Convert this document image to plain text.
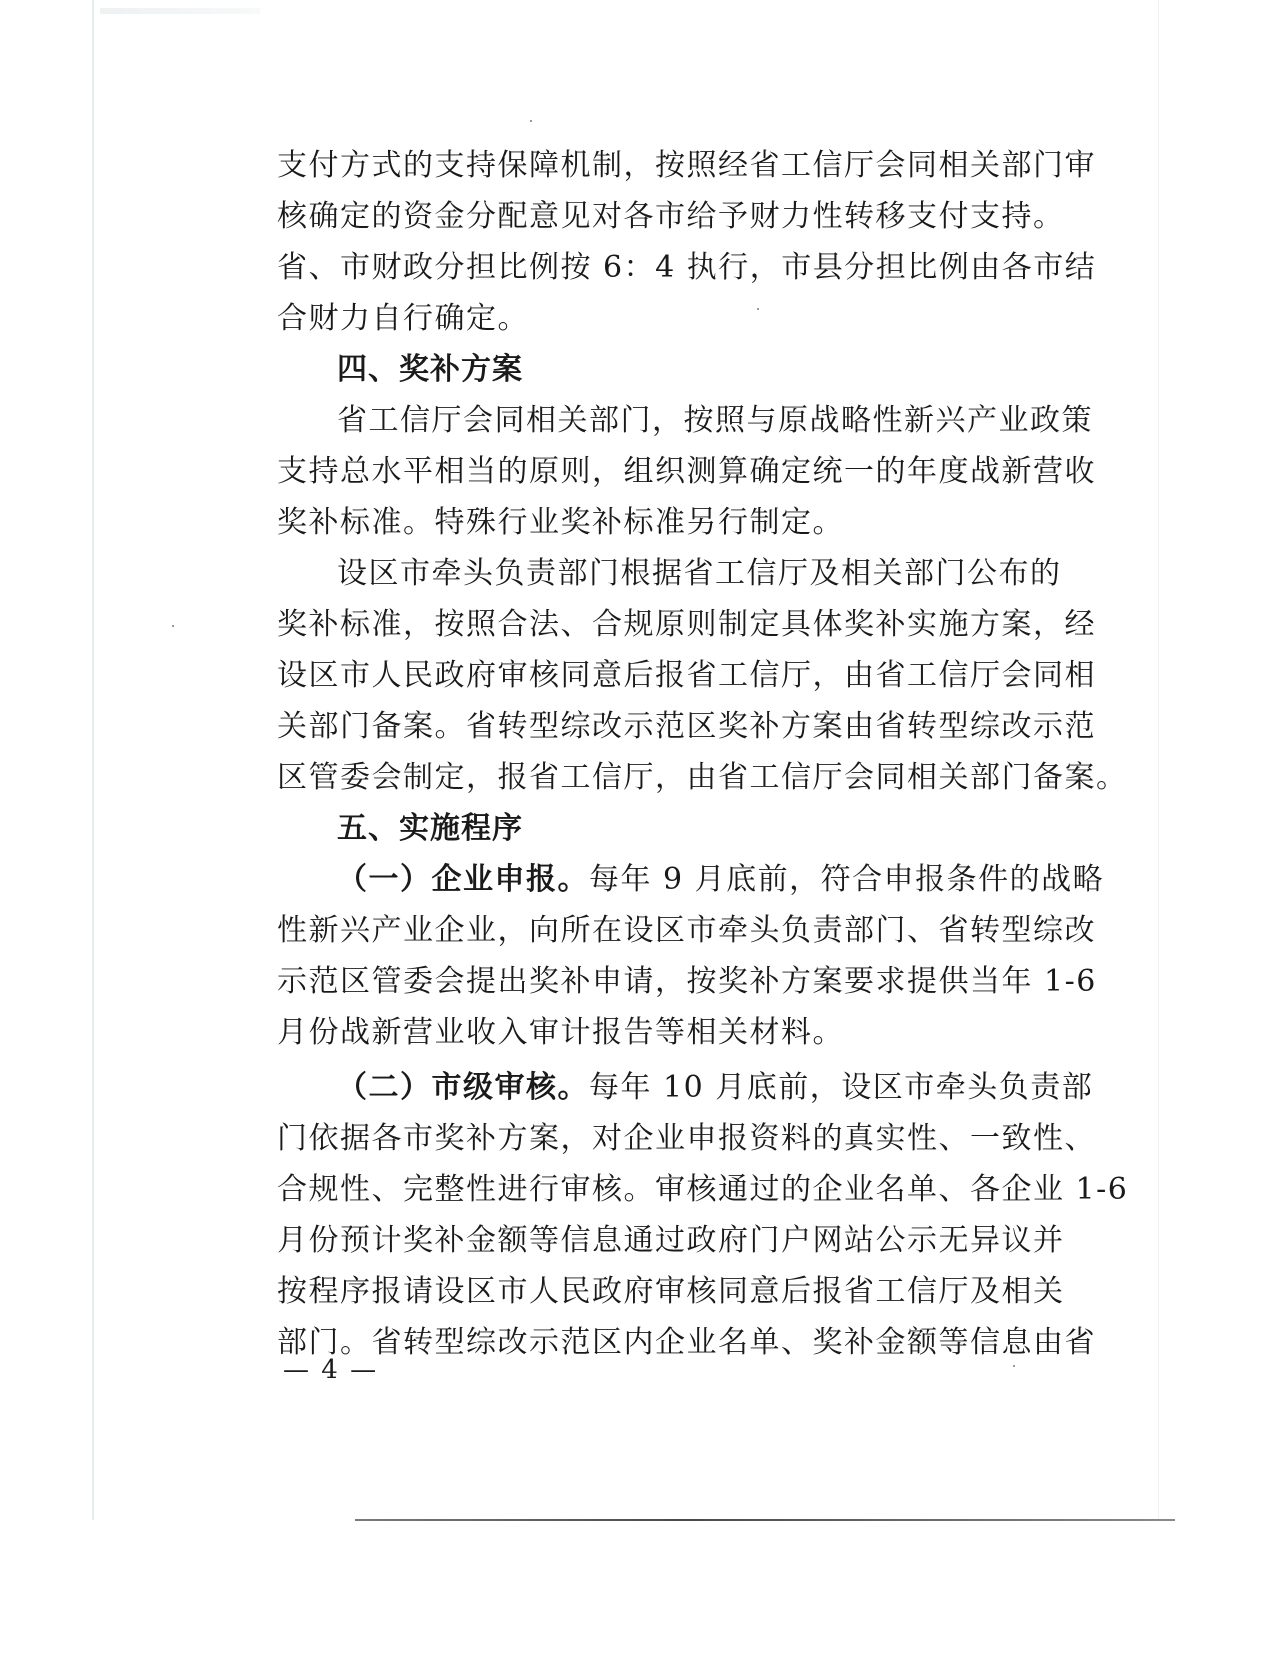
支付方式的支持保障机制，按照经省工信厅会同相关部门审
核确定的资金分配意见对各市给予财力性转移支付支持。
省、市财政分担比例按 6：4 执行，市县分担比例由各市结
合财力自行确定。
四、奖补方案
省工信厅会同相关部门，按照与原战略性新兴产业政策
支持总水平相当的原则，组织测算确定统一的年度战新营收
奖补标准。特殊行业奖补标准另行制定。
设区市牵头负责部门根据省工信厅及相关部门公布的
奖补标准，按照合法、合规原则制定具体奖补实施方案，经
设区市人民政府审核同意后报省工信厅，由省工信厅会同相
关部门备案。省转型综改示范区奖补方案由省转型综改示范
区管委会制定，报省工信厅，由省工信厅会同相关部门备案。
五、实施程序
（一）企业申报。每年 9 月底前，符合申报条件的战略
性新兴产业企业，向所在设区市牵头负责部门、省转型综改
示范区管委会提出奖补申请，按奖补方案要求提供当年 1-6
月份战新营业收入审计报告等相关材料。
（二）市级审核。每年 10 月底前，设区市牵头负责部
门依据各市奖补方案，对企业申报资料的真实性、一致性、
合规性、完整性进行审核。审核通过的企业名单、各企业 1-6
月份预计奖补金额等信息通过政府门户网站公示无异议并
按程序报请设区市人民政府审核同意后报省工信厅及相关
部门。省转型综改示范区内企业名单、奖补金额等信息由省
— 4 —
